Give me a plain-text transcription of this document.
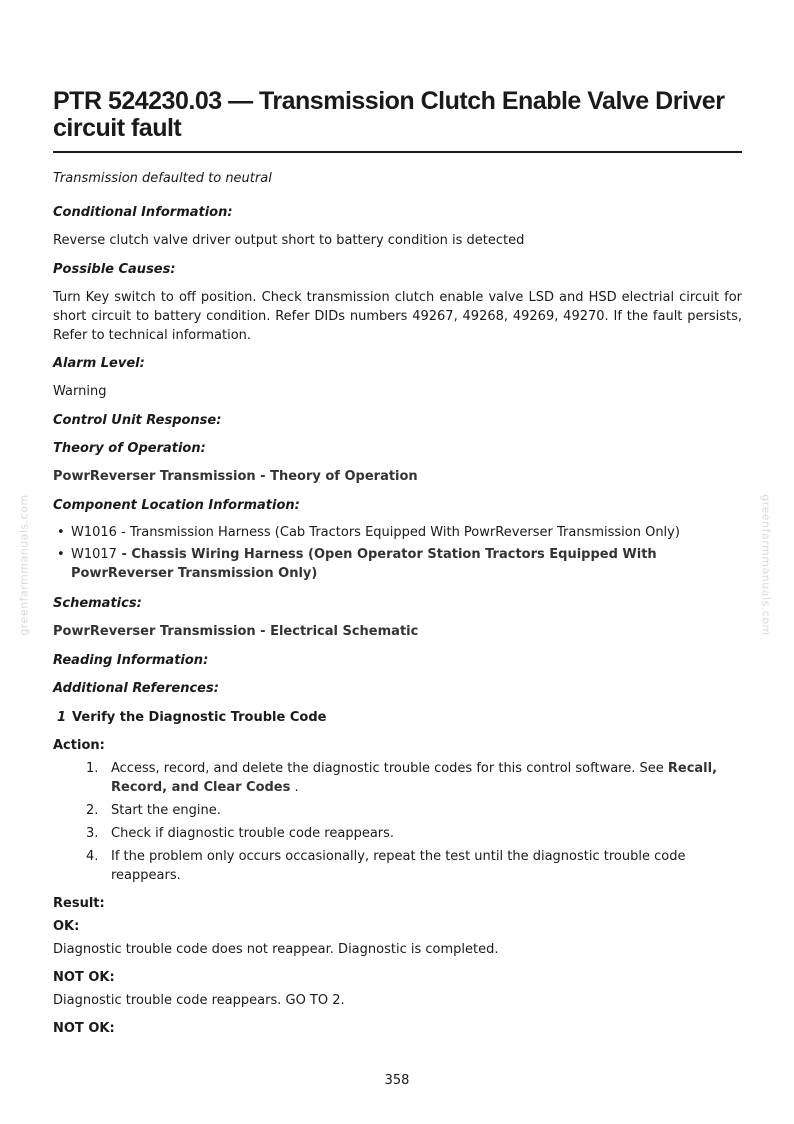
PTR 524230.03 — Transmission Clutch Enable Valve Driver circuit fault
Transmission defaulted to neutral
Conditional Information:
Reverse clutch valve driver output short to battery condition is detected
Possible Causes:
Turn Key switch to off position. Check transmission clutch enable valve LSD and HSD electrial circuit for short circuit to battery condition. Refer DIDs numbers 49267, 49268, 49269, 49270. If the fault persists, Refer to technical information.
Alarm Level:
Warning
Control Unit Response:
Theory of Operation:
PowrReverser Transmission - Theory of Operation
Component Location Information:
• W1016 - Transmission Harness (Cab Tractors Equipped With PowrReverser Transmission Only)
• W1017 - Chassis Wiring Harness (Open Operator Station Tractors Equipped With PowrReverser Transmission Only)
Schematics:
PowrReverser Transmission - Electrical Schematic
Reading Information:
Additional References:
1 Verify the Diagnostic Trouble Code
Action:
1. Access, record, and delete the diagnostic trouble codes for this control software. See Recall, Record, and Clear Codes .
2. Start the engine.
3. Check if diagnostic trouble code reappears.
4. If the problem only occurs occasionally, repeat the test until the diagnostic trouble code reappears.
Result:
OK:
Diagnostic trouble code does not reappear. Diagnostic is completed.
NOT OK:
Diagnostic trouble code reappears. GO TO 2.
NOT OK:
greenfarmmanuals.com	greenfarmmanuals.com
358
